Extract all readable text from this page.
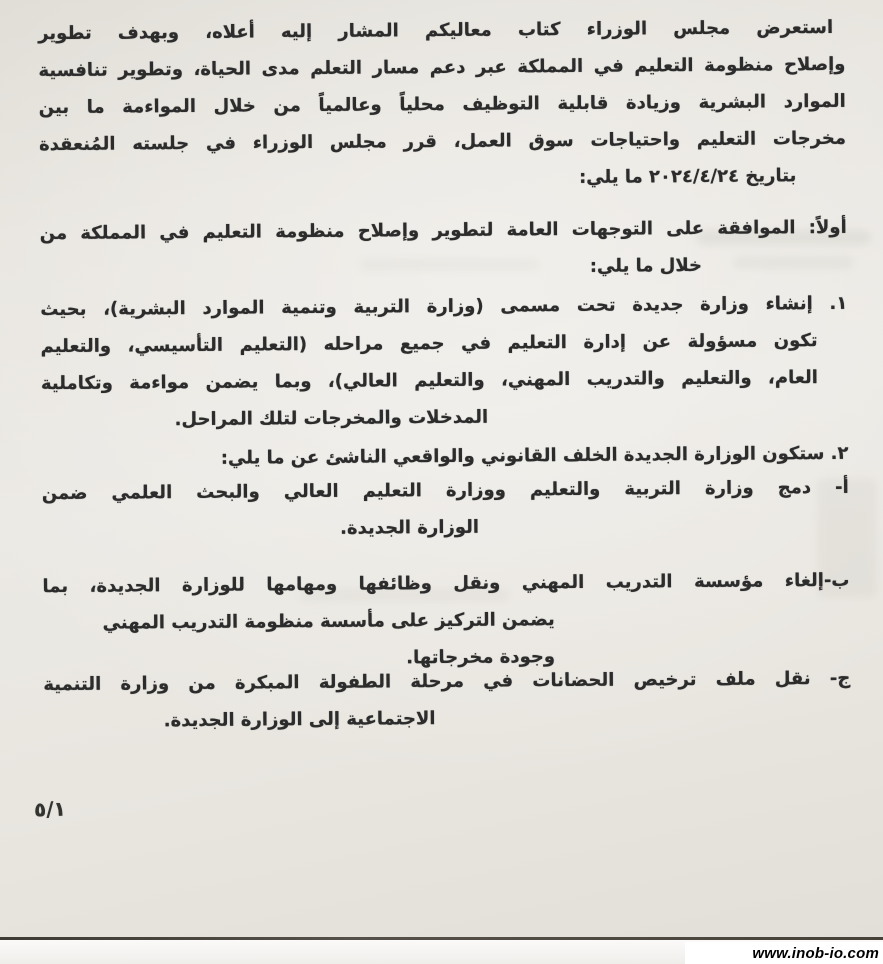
استعرض مجلس الوزراء كتاب معاليكم المشار إليه أعلاه، وبهدف تطوير
وإصلاح منظومة التعليم في المملكة عبر دعم مسار التعلم مدى الحياة، وتطوير تنافسية
الموارد البشرية وزيادة قابلية التوظيف محلياً وعالمياً من خلال المواءمة ما بين
مخرجات التعليم واحتياجات سوق العمل، قرر مجلس الوزراء في جلسته المُنعقدة
بتاريخ ٢٠٢٤/٤/٢٤ ما يلي:
أولاً: الموافقة على التوجهات العامة لتطوير وإصلاح منظومة التعليم في المملكة من
خلال ما يلي:
١. إنشاء وزارة جديدة تحت مسمى (وزارة التربية وتنمية الموارد البشرية)، بحيث
تكون مسؤولة عن إدارة التعليم في جميع مراحله (التعليم التأسيسي، والتعليم
العام، والتعليم والتدريب المهني، والتعليم العالي)، وبما يضمن مواءمة وتكاملية
المدخلات والمخرجات لتلك المراحل.
٢. ستكون الوزارة الجديدة الخلف القانوني والواقعي الناشئ عن ما يلي:
أ- دمج وزارة التربية والتعليم ووزارة التعليم العالي والبحث العلمي ضمن
الوزارة الجديدة.
ب-إلغاء مؤسسة التدريب المهني ونقل وظائفها ومهامها للوزارة الجديدة، بما
يضمن التركيز على مأسسة منظومة التدريب المهني وجودة مخرجاتها.
ج- نقل ملف ترخيص الحضانات في مرحلة الطفولة المبكرة من وزارة التنمية
الاجتماعية إلى الوزارة الجديدة.
٥/١
www.inob-io.com
